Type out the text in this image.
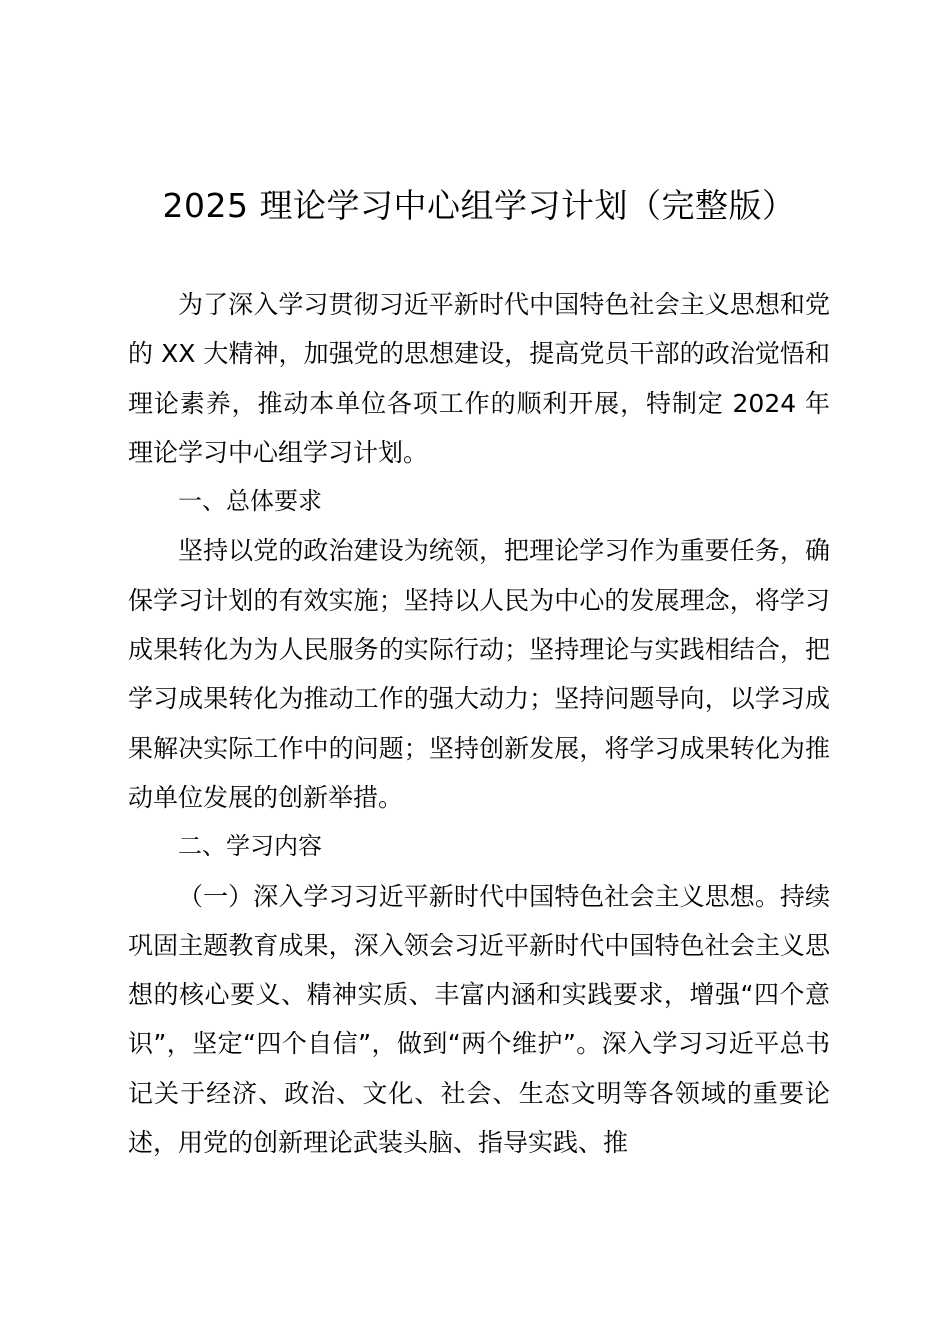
2025 理论学习中心组学习计划（完整版）

为了深入学习贯彻习近平新时代中国特色社会主义思想和党的 XX 大精神，加强党的思想建设，提高党员干部的政治觉悟和理论素养，推动本单位各项工作的顺利开展，特制定 2024 年理论学习中心组学习计划。

一、总体要求

坚持以党的政治建设为统领，把理论学习作为重要任务，确保学习计划的有效实施；坚持以人民为中心的发展理念，将学习成果转化为为人民服务的实际行动；坚持理论与实践相结合，把学习成果转化为推动工作的强大动力；坚持问题导向，以学习成果解决实际工作中的问题；坚持创新发展，将学习成果转化为推动单位发展的创新举措。

二、学习内容

（一）深入学习习近平新时代中国特色社会主义思想。持续巩固主题教育成果，深入领会习近平新时代中国特色社会主义思想的核心要义、精神实质、丰富内涵和实践要求，增强“四个意识”，坚定“四个自信”，做到“两个维护”。深入学习习近平总书记关于经济、政治、文化、社会、生态文明等各领域的重要论述，用党的创新理论武装头脑、指导实践、推
